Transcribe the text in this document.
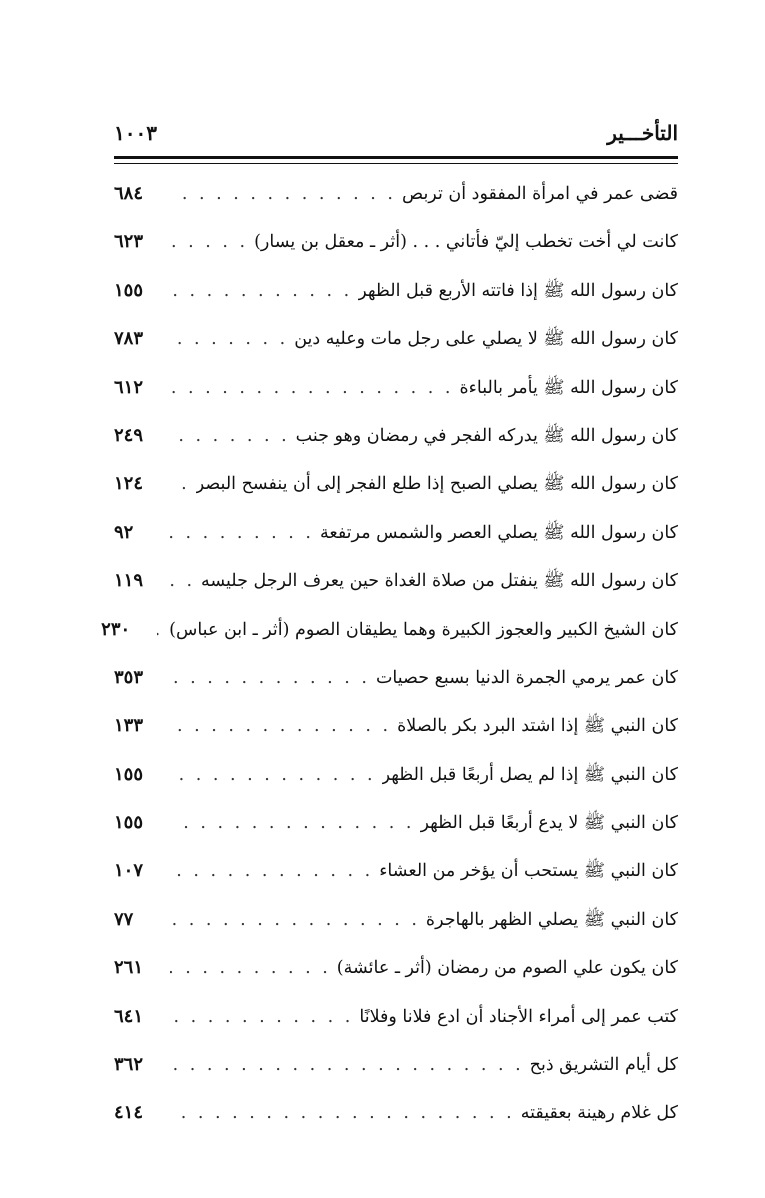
التأخـــير
١٠٠٣
قضى عمر في امرأة المفقود أن تربص
. . .
٦٨٤
كانت لي أخت تخطب إليّ فأتاني . . . (أثر ـ معقل بن يسار)
. . .
٦٢٣
كان رسول الله ﷺ إذا فاتته الأربع قبل الظهر
. . .
١٥٥
كان رسول الله ﷺ لا يصلي على رجل مات وعليه دين
. . .
٧٨٣
كان رسول الله ﷺ يأمر بالباءة
. . .
٦١٢
كان رسول الله ﷺ يدركه الفجر في رمضان وهو جنب
. . .
٢٤٩
كان رسول الله ﷺ يصلي الصبح إذا طلع الفجر إلى أن ينفسح البصر
. . .
١٢٤
كان رسول الله ﷺ يصلي العصر والشمس مرتفعة
. . .
٩٢
كان رسول الله ﷺ ينفتل من صلاة الغداة حين يعرف الرجل جليسه
. . .
١١٩
كان الشيخ الكبير والعجوز الكبيرة وهما يطيقان الصوم (أثر ـ ابن عباس)
. . .
٢٣٠
كان عمر يرمي الجمرة الدنيا بسبع حصيات
. . .
٣٥٣
كان النبي ﷺ إذا اشتد البرد بكر بالصلاة
. . .
١٣٣
كان النبي ﷺ إذا لم يصل أربعًا قبل الظهر
. . .
١٥٥
كان النبي ﷺ لا يدع أربعًا قبل الظهر
. . .
١٥٥
كان النبي ﷺ يستحب أن يؤخر من العشاء
. . .
١٠٧
كان النبي ﷺ يصلي الظهر بالهاجرة
. . .
٧٧
كان يكون علي الصوم من رمضان (أثر ـ عائشة)
. . .
٢٦١
كتب عمر إلى أمراء الأجناد أن ادع فلانا وفلانًا
. . .
٦٤١
كل أيام التشريق ذبح
. . .
٣٦٢
كل غلام رهينة بعقيقته
. . .
٤١٤
